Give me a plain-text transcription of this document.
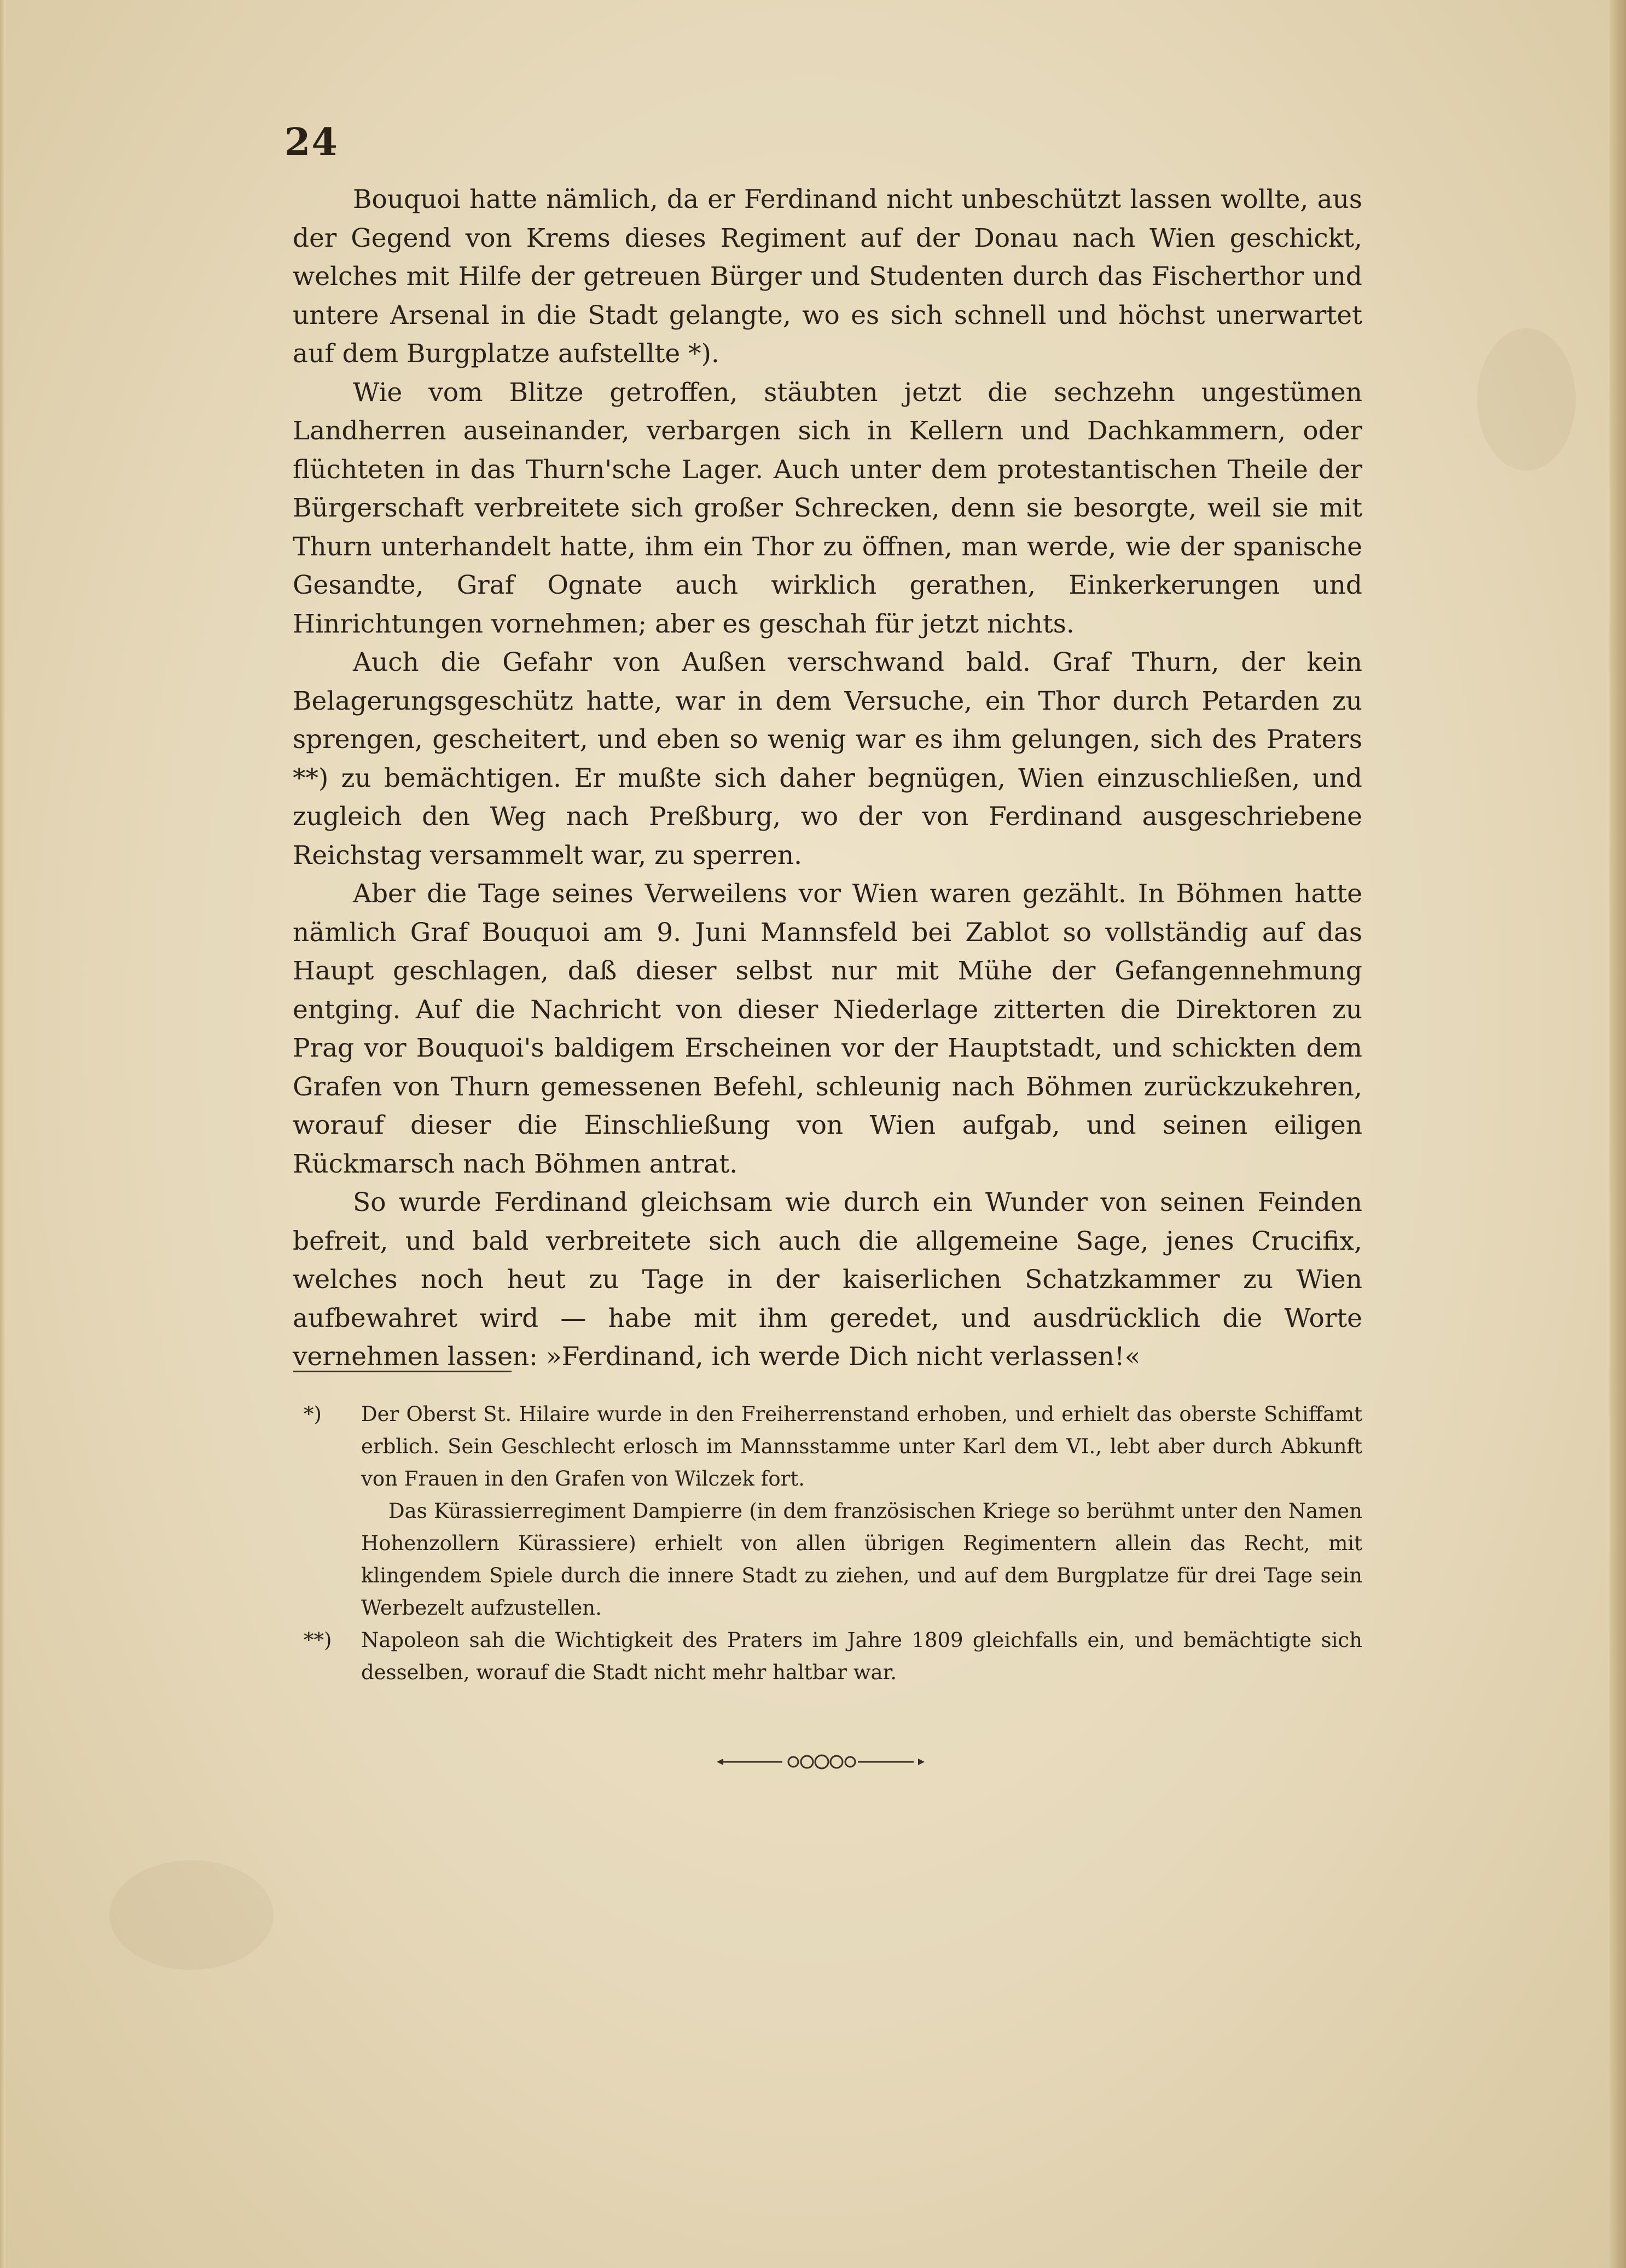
24

Bouquoi hatte nämlich, da er Ferdinand nicht unbeschützt lassen wollte, aus der Gegend von Krems dieses Regiment auf der Donau nach Wien geschickt, welches mit Hilfe der getreuen Bürger und Studenten durch das Fischerthor und untere Arsenal in die Stadt gelangte, wo es sich schnell und höchst unerwartet auf dem Burgplatze aufstellte *).

Wie vom Blitze getroffen, stäubten jetzt die sechzehn ungestümen Landherren auseinander, verbargen sich in Kellern und Dachkammern, oder flüchteten in das Thurn'sche Lager. Auch unter dem protestantischen Theile der Bürgerschaft verbreitete sich großer Schrecken, denn sie besorgte, weil sie mit Thurn unterhandelt hatte, ihm ein Thor zu öffnen, man werde, wie der spanische Gesandte, Graf Ognate auch wirklich gerathen, Einkerkerungen und Hinrichtungen vornehmen; aber es geschah für jetzt nichts.

Auch die Gefahr von Außen verschwand bald. Graf Thurn, der kein Belagerungsgeschütz hatte, war in dem Versuche, ein Thor durch Petarden zu sprengen, gescheitert, und eben so wenig war es ihm gelungen, sich des Praters **) zu bemächtigen. Er mußte sich daher begnügen, Wien einzuschließen, und zugleich den Weg nach Preßburg, wo der von Ferdinand ausgeschriebene Reichstag versammelt war, zu sperren.

Aber die Tage seines Verweilens vor Wien waren gezählt. In Böhmen hatte nämlich Graf Bouquoi am 9. Juni Mannsfeld bei Zablot so vollständig auf das Haupt geschlagen, daß dieser selbst nur mit Mühe der Gefangennehmung entging. Auf die Nachricht von dieser Niederlage zitterten die Direktoren zu Prag vor Bouquoi's baldigem Erscheinen vor der Hauptstadt, und schickten dem Grafen von Thurn gemessenen Befehl, schleunig nach Böhmen zurückzukehren, worauf dieser die Einschließung von Wien aufgab, und seinen eiligen Rückmarsch nach Böhmen antrat.

So wurde Ferdinand gleichsam wie durch ein Wunder von seinen Feinden befreit, und bald verbreitete sich auch die allgemeine Sage, jenes Crucifix, welches noch heut zu Tage in der kaiserlichen Schatzkammer zu Wien aufbewahret wird — habe mit ihm geredet, und ausdrücklich die Worte vernehmen lassen: »Ferdinand, ich werde Dich nicht verlassen!«

*) Der Oberst St. Hilaire wurde in den Freiherrenstand erhoben, und erhielt das oberste Schiffamt erblich. Sein Geschlecht erlosch im Mannsstamme unter Karl dem VI., lebt aber durch Abkunft von Frauen in den Grafen von Wilczek fort.

Das Kürassierregiment Dampierre (in dem französischen Kriege so berühmt unter den Namen Hohenzollern Kürassiere) erhielt von allen übrigen Regimentern allein das Recht, mit klingendem Spiele durch die innere Stadt zu ziehen, und auf dem Burgplatze für drei Tage sein Werbezelt aufzustellen.

**) Napoleon sah die Wichtigkeit des Praters im Jahre 1809 gleichfalls ein, und bemächtigte sich desselben, worauf die Stadt nicht mehr haltbar war.
